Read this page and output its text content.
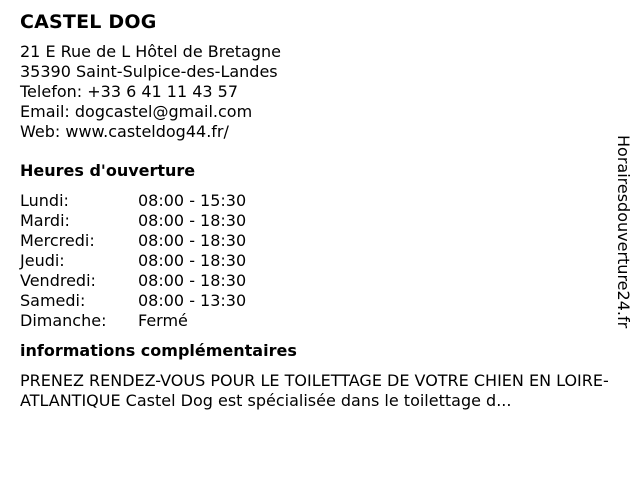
CASTEL DOG
21 E Rue de L Hôtel de Bretagne
35390 Saint-Sulpice-des-Landes
Telefon: +33 6 41 11 43 57
Email: dogcastel@gmail.com
Web: www.casteldog44.fr/
Heures d'ouverture
Lundi:	08:00 - 15:30
Mardi:	08:00 - 18:30
Mercredi:	08:00 - 18:30
Jeudi:	08:00 - 18:30
Vendredi:	08:00 - 18:30
Samedi:	08:00 - 13:30
Dimanche:	Fermé
informations complémentaires
PRENEZ RENDEZ-VOUS POUR LE TOILETTAGE DE VOTRE CHIEN EN LOIRE-ATLANTIQUE Castel Dog est spécialisée dans le toilettage d...
Horairesdouverture24.fr
